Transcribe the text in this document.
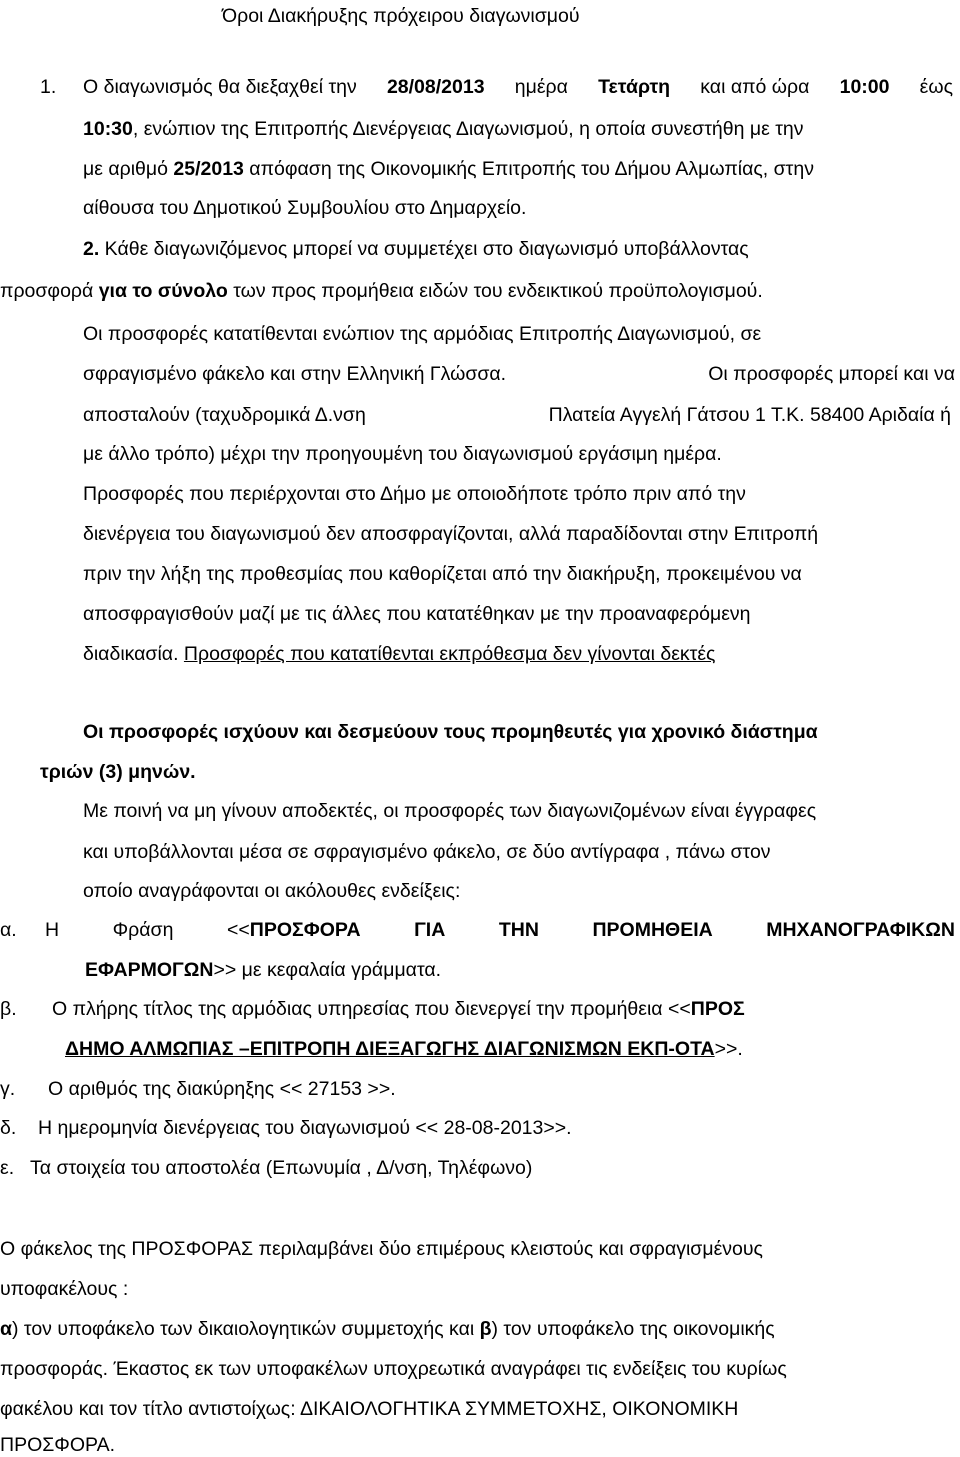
Όροι Διακήρυξης πρόχειρου διαγωνισμού
1. Ο διαγωνισμός θα διεξαχθεί την 28/08/2013 ημέρα Τετάρτη και από ώρα 10:00 έως
10:30, ενώπιον της Επιτροπής Διενέργειας Διαγωνισμού, η οποία συνεστήθη με την
με αριθμό 25/2013 απόφαση της Οικονομικής Επιτροπής του Δήμου Αλμωπίας, στην
αίθουσα του Δημοτικού Συμβουλίου στο Δημαρχείο.
2. Κάθε διαγωνιζόμενος μπορεί να συμμετέχει στο διαγωνισμό υποβάλλοντας
προσφορά για το σύνολο των προς προμήθεια ειδών του ενδεικτικού προϋπολογισμού.
Οι προσφορές κατατίθενται ενώπιον της αρμόδιας Επιτροπής Διαγωνισμού, σε
σφραγισμένο φάκελο και στην Ελληνική Γλώσσα.	Οι προσφορές μπορεί και να
αποσταλούν (ταχυδρομικά Δ.νση	Πλατεία Αγγελή Γάτσου 1 Τ.Κ. 58400 Αριδαία ή
με άλλο τρόπο) μέχρι την προηγουμένη του διαγωνισμού εργάσιμη ημέρα.
Προσφορές που περιέρχονται στο Δήμο με οποιοδήποτε τρόπο πριν από την
διενέργεια του διαγωνισμού δεν αποσφραγίζονται, αλλά παραδίδονται στην Επιτροπή
πριν την λήξη της προθεσμίας που καθορίζεται από την διακήρυξη, προκειμένου να
αποσφραγισθούν μαζί με τις άλλες που κατατέθηκαν με την προαναφερόμενη
διαδικασία. Προσφορές που κατατίθενται εκπρόθεσμα δεν γίνονται δεκτές
Οι προσφορές ισχύουν και δεσμεύουν τους προμηθευτές για χρονικό διάστημα
τριών (3) μηνών.
Με ποινή να μη γίνουν αποδεκτές, οι προσφορές των διαγωνιζομένων είναι έγγραφες
και υποβάλλονται μέσα σε σφραγισμένο φάκελο, σε δύο αντίγραφα , πάνω στον
οποίο αναγράφονται οι ακόλουθες ενδείξεις:
α. Η	Φράση	<<ΠΡΟΣΦΟΡΑ	ΓΙΑ	ΤΗΝ	ΠΡΟΜΗΘΕΙΑ	ΜΗΧΑΝΟΓΡΑΦΙΚΩΝ
ΕΦΑΡΜΟΓΩΝ>> με κεφαλαία γράμματα.
β. Ο πλήρης τίτλος της αρμόδιας υπηρεσίας που διενεργεί την προμήθεια <<ΠΡΟΣ
ΔΗΜΟ ΑΛΜΩΠΙΑΣ –ΕΠΙΤΡΟΠΗ ΔΙΕΞΑΓΩΓΗΣ ΔΙΑΓΩΝΙΣΜΩΝ ΕΚΠ-ΟΤΑ>>.
γ. Ο αριθμός της διακύρηξης << 27153 >>.
δ. Η ημερομηνία διενέργειας του διαγωνισμού << 28-08-2013>>.
ε. Τα στοιχεία του αποστολέα (Επωνυμία , Δ/νση, Τηλέφωνο)
Ο φάκελος της ΠΡΟΣΦΟΡΑΣ περιλαμβάνει δύο επιμέρους κλειστούς και σφραγισμένους
υποφακέλους :
α) τον υποφάκελο των δικαιολογητικών συμμετοχής και β) τον υποφάκελο της οικονομικής
προσφοράς. Έκαστος εκ των υποφακέλων υποχρεωτικά αναγράφει τις ενδείξεις του κυρίως
φακέλου και τον τίτλο αντιστοίχως: ΔΙΚΑΙΟΛΟΓΗΤΙΚΑ ΣΥΜΜΕΤΟΧΗΣ, ΟΙΚΟΝΟΜΙΚΗ
ΠΡΟΣΦΟΡΑ.
